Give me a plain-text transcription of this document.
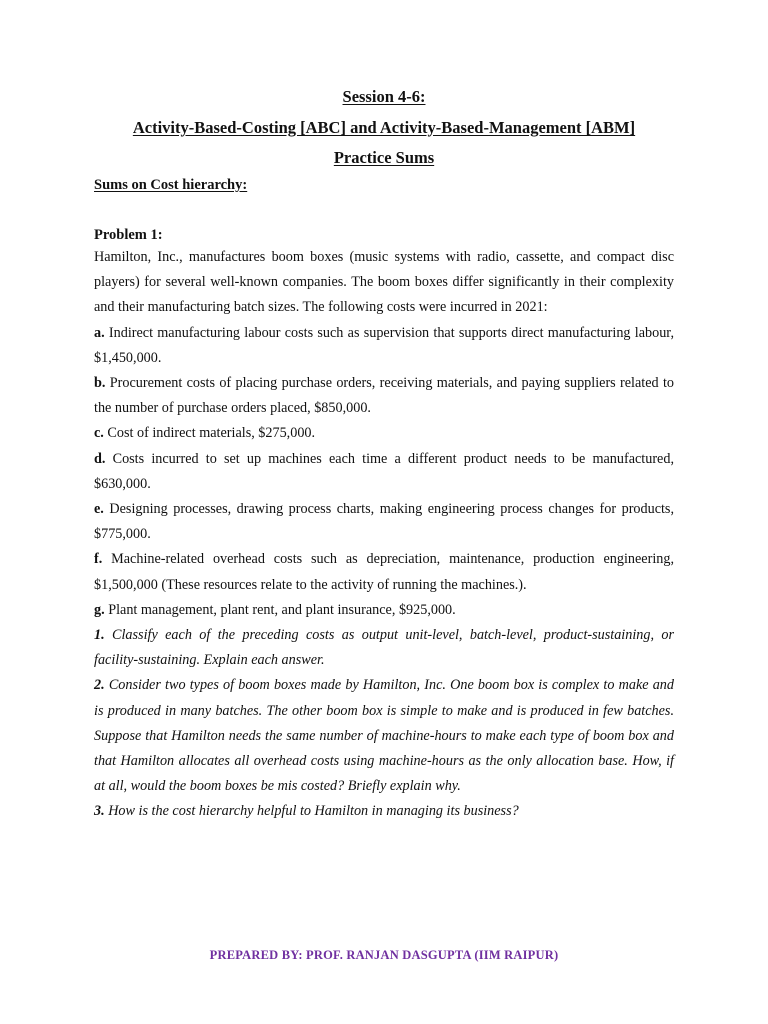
Session 4-6:
Activity-Based-Costing [ABC] and Activity-Based-Management [ABM]
Practice Sums
Sums on Cost hierarchy:
Problem 1:

Hamilton, Inc., manufactures boom boxes (music systems with radio, cassette, and compact disc players) for several well-known companies. The boom boxes differ significantly in their complexity and their manufacturing batch sizes. The following costs were incurred in 2021:

a. Indirect manufacturing labour costs such as supervision that supports direct manufacturing labour, $1,450,000.

b. Procurement costs of placing purchase orders, receiving materials, and paying suppliers related to the number of purchase orders placed, $850,000.

c. Cost of indirect materials, $275,000.

d. Costs incurred to set up machines each time a different product needs to be manufactured, $630,000.

e. Designing processes, drawing process charts, making engineering process changes for products, $775,000.

f. Machine-related overhead costs such as depreciation, maintenance, production engineering, $1,500,000 (These resources relate to the activity of running the machines.).

g. Plant management, plant rent, and plant insurance, $925,000.

1. Classify each of the preceding costs as output unit-level, batch-level, product-sustaining, or facility-sustaining. Explain each answer.

2. Consider two types of boom boxes made by Hamilton, Inc. One boom box is complex to make and is produced in many batches. The other boom box is simple to make and is produced in few batches. Suppose that Hamilton needs the same number of machine-hours to make each type of boom box and that Hamilton allocates all overhead costs using machine-hours as the only allocation base. How, if at all, would the boom boxes be mis costed? Briefly explain why.

3. How is the cost hierarchy helpful to Hamilton in managing its business?

PREPARED BY: PROF. RANJAN DASGUPTA (IIM RAIPUR)
